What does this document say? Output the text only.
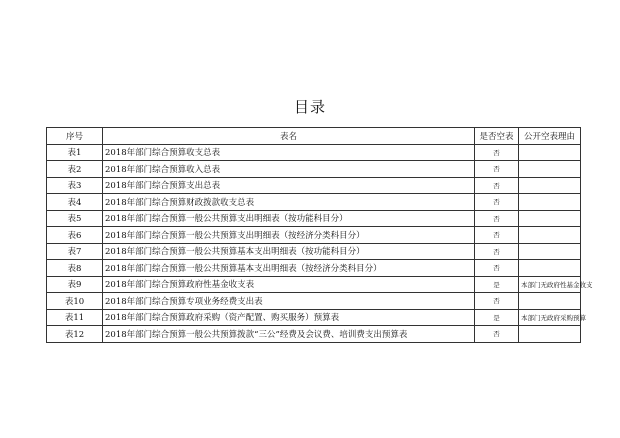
目录
序号	表名	是否空表	公开空表理由
表1	2018年部门综合预算收支总表	否	
表2	2018年部门综合预算收入总表	否	
表3	2018年部门综合预算支出总表	否	
表4	2018年部门综合预算财政拨款收支总表	否	
表5	2018年部门综合预算一般公共预算支出明细表（按功能科目分）	否	
表6	2018年部门综合预算一般公共预算支出明细表（按经济分类科目分）	否	
表7	2018年部门综合预算一般公共预算基本支出明细表（按功能科目分）	否	
表8	2018年部门综合预算一般公共预算基本支出明细表（按经济分类科目分）	否	
表9	2018年部门综合预算政府性基金收支表	是	本部门无政府性基金收支
表10	2018年部门综合预算专项业务经费支出表	否	
表11	2018年部门综合预算政府采购（资产配置、购买服务）预算表	是	本部门无政府采购预算
表12	2018年部门综合预算一般公共预算拨款“三公”经费及会议费、培训费支出预算表	否	
